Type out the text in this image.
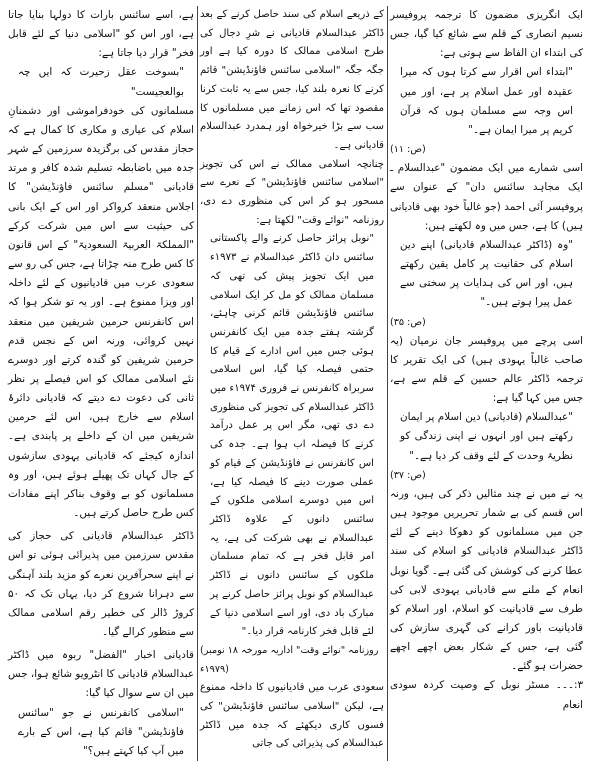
ایک انگریزی مضمون کا ترجمہ پروفیسر نسیم انصاری کے قلم سے شائع کیا گیا، جس کی ابتداء ان الفاظ سے ہوتی ہے:

"ابتداء اس اقرار سے کرتا ہوں کہ میرا عقیدہ اور عمل اسلام پر ہے، اور میں اس وجہ سے مسلمان ہوں کہ قرآن کریم پر میرا ایمان ہے۔"

(ص: ۱۱)

اسی شمارے میں ایک مضمون "عبدالسلام ـ ایک مجاہد سائنس دان" کے عنوان سے پروفیسر آئی احمد (جو غالباً خود بھی قادیانی ہیں) کا ہے، جس میں وہ لکھتے ہیں:

"وہ (ڈاکٹر عبدالسلام قادیانی) اپنے دین اسلام کی حقانیت پر کامل یقین رکھتے ہیں، اور اس کی ہدایات پر سختی سے عمل پیرا ہوتے ہیں۔"

(ص: ۳۵)

اسی پرچے میں پروفیسر جان نرمیان (یہ صاحب غالباً یہودی ہیں) کی ایک تقریر کا ترجمہ ڈاکٹر عالم حسین کے قلم سے ہے، جس میں کہا گیا ہے:

"عبدالسلام (قادیانی) دین اسلام پر ایمان رکھتے ہیں اور انہوں نے اپنی زندگی کو نظریۂ وحدت کے لئے وقف کر دیا ہے۔"

(ص: ۳۷)

یہ نے میں نے چند مثالیں ذکر کی ہیں، ورنہ اس قسم کی بے شمار تحریریں موجود ہیں جن میں مسلمانوں کو دھوکا دینے کے لئے ڈاکٹر عبدالسلام قادیانی کو اسلام کی سند عطا کرنے کی کوشش کی گئی ہے۔ گویا نوبل انعام کے ملنے سے قادیانی یہودی لابی کی طرف سے قادیانیت کو اسلام، اور اسلام کو قادیانیت باور کرانے کی گہری سازش کی گئی ہے، جس کے شکار بعض اچھے اچھے حضرات ہو گئے۔

۳:۔۔۔ مسٹر نوبل کے وصیت کردہ سودی انعام

کے ذریعے اسلام کی سند حاصل کرنے کے بعد ڈاکٹر عبدالسلام قادیانی نے شرِ دجال کی طرح اسلامی ممالک کا دورہ کیا ہے اور جگہ جگہ "اسلامی سائنس فاؤنڈیشن" قائم کرنے کا نعرہ بلند کیا، جس سے یہ ثابت کرنا مقصود تھا کہ اس زمانے میں مسلمانوں کا سب سے بڑا خیرخواہ اور ہمدرد عبدالسلام قادیانی ہے۔

چنانچہ اسلامی ممالک نے اس کی تجویز "اسلامی سائنس فاؤنڈیشن" کے نعرے سے مسحور ہو کر اس کی منظوری دے دی، روزنامہ "نوائے وقت" لکھتا ہے:

"نوبل پرائز حاصل کرنے والے پاکستانی سائنس دان ڈاکٹر عبدالسلام نے ۱۹۷۳ء میں ایک تجویز پیش کی تھی کہ مسلمان ممالک کو مل کر ایک اسلامی سائنس فاؤنڈیشن قائم کرنی چاہئے، گزشتہ ہفتے جدہ میں ایک کانفرنس ہوئی جس میں اس ادارے کے قیام کا حتمی فیصلہ کیا گیا، اس اسلامی سربراہ کانفرنس نے فروری ۱۹۷۴ء میں ڈاکٹر عبدالسلام کی تجویز کی منظوری دے دی تھی، مگر اس پر عمل درآمد کرنے کا فیصلہ اب ہوا ہے۔ جدہ کی اس کانفرنس نے فاؤنڈیشن کے قیام کو عملی صورت دینے کا فیصلہ کیا ہے، اس میں دوسرے اسلامی ملکوں کے سائنس دانوں کے علاوہ ڈاکٹر عبدالسلام نے بھی شرکت کی ہے، یہ امر قابل فخر ہے کہ تمام مسلمان ملکوں کے سائنس دانوں نے ڈاکٹر عبدالسلام کو نوبل پرائز حاصل کرنے پر مبارک باد دی، اور اسے اسلامی دنیا کے لئے قابل فخر کارنامہ قرار دیا۔"

(روزنامہ "نوائے وقت" اداریہ مورخہ ۱۸ نومبر ۱۹۷۹ء)

سعودی عرب میں قادیانیوں کا داخلہ ممنوع ہے، لیکن "اسلامی سائنس فاؤنڈیشن" کی فسوں کاری دیکھئے کہ جدہ میں ڈاکٹر عبدالسلام کی پذیرائی کی جاتی

ہے، اسے سائنس بارات کا دولہا بنایا جاتا ہے، اور اس کو "اسلامی دنیا کے لئے قابل فخر" قرار دیا جاتا ہے:

"بسوخت عقل زحیرت کہ ایں چہ بوالعجیست"

مسلمانوں کی خودفراموشی اور دشمنانِ اسلام کی عیاری و مکاری کا کمال ہے کہ حجاز مقدس کی برگزیدہ سرزمین کے شہر جدہ میں باضابطہ تسلیم شدہ کافر و مرتد قادیانی "مسلم سائنس فاؤنڈیشن" کا اجلاس منعقد کرواکر اور اس کے ایک بانی کی حیثیت سے اس میں شرکت کرکے "المملکۃ العربیۃ السعودیۃ" کے اس قانون کا کس طرح منہ چڑاتا ہے، جس کی رو سے سعودی عرب میں قادیانیوں کے لئے داخلہ اور ویزا ممنوع ہے۔ اور یہ تو شکر ہوا کہ اس کانفرنس حرمین شریفین میں منعقد نہیں کروائی، ورنہ اس کے نجس قدم حرمین شریفین کو گندہ کرتے اور دوسرے نئے اسلامی ممالک کو اس فیصلے پر نظر ثانی کی دعوت دے دیتے کہ قادیانی دائرۂ اسلام سے خارج ہیں، اس لئے حرمین شریفین میں ان کے داخلے پر پابندی ہے۔ اندازہ کیجئے کہ قادیانی یہودی سازشوں کے جال کہاں تک پھیلے ہوئے ہیں، اور وہ مسلمانوں کو بے وقوف بناکر اپنے مفادات کس طرح حاصل کرتے ہیں۔

ڈاکٹر عبدالسلام قادیانی کی حجاز کی مقدس سرزمین میں پذیرائی ہوئی تو اس نے اپنے سحرآفرین نعرے کو مزید بلند آہنگی سے دہرانا شروع کر دیا، یہاں تک کہ ۵۰ کروڑ ڈالر کی خطیر رقم اسلامی ممالک سے منظور کرالے گیا۔

قادیانی اخبار "الفضل" ربوہ میں ڈاکٹر عبدالسلام قادیانی کا انٹرویو شائع ہوا، جس میں ان سے سوال کیا گیا:

"اسلامی کانفرنس نے جو "سائنس فاؤنڈیشن" قائم کیا ہے، اس کے بارے میں آپ کیا کہتے ہیں؟"
